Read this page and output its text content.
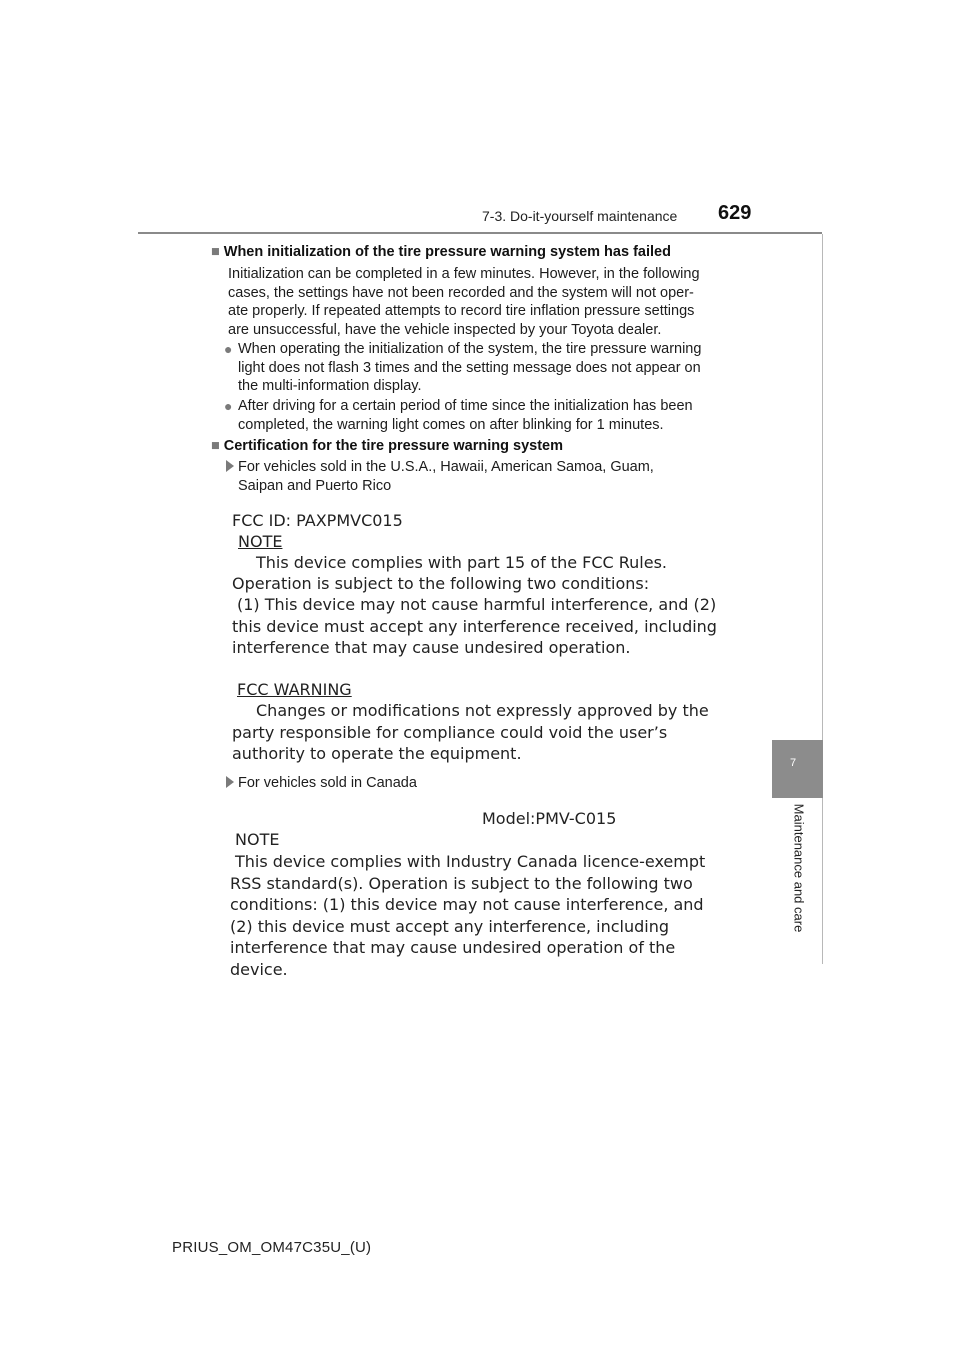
7-3. Do-it-yourself maintenance 629
7
Maintenance and care
■ When initialization of the tire pressure warning system has failed
Initialization can be completed in a few minutes. However, in the following
cases, the settings have not been recorded and the system will not oper-
ate properly. If repeated attempts to record tire inflation pressure settings
are unsuccessful, have the vehicle inspected by your Toyota dealer.
● When operating the initialization of the system, the tire pressure warning
light does not flash 3 times and the setting message does not appear on
the multi-information display.
● After driving for a certain period of time since the initialization has been
completed, the warning light comes on after blinking for 1 minutes.
■ Certification for the tire pressure warning system
For vehicles sold in the U.S.A., Hawaii, American Samoa, Guam,
Saipan and Puerto Rico
FCC ID: PAXPMVC015
NOTE
This device complies with part 15 of the FCC Rules.
Operation is subject to the following two conditions:
(1) This device may not cause harmful interference, and (2)
this device must accept any interference received, including
interference that may cause undesired operation.
FCC WARNING
Changes or modifications not expressly approved by the
party responsible for compliance could void the user’s
authority to operate the equipment.
For vehicles sold in Canada
Model:PMV-C015
NOTE
This device complies with Industry Canada licence-exempt
RSS standard(s). Operation is subject to the following two
conditions: (1) this device may not cause interference, and
(2) this device must accept any interference, including
interference that may cause undesired operation of the
device.
PRIUS_OM_OM47C35U_(U)
